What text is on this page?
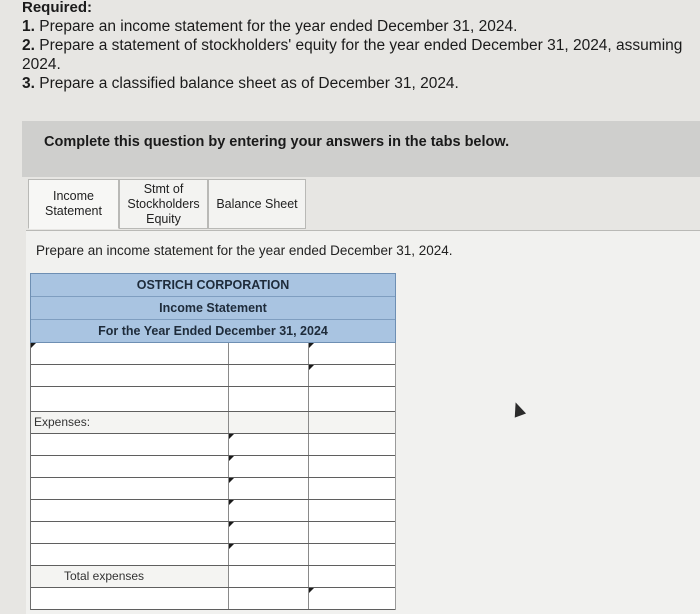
Required:
1. Prepare an income statement for the year ended December 31, 2024.
2. Prepare a statement of stockholders' equity for the year ended December 31, 2024, assuming
2024.
3. Prepare a classified balance sheet as of December 31, 2024.
Complete this question by entering your answers in the tabs below.
Income Statement
Stmt of Stockholders Equity
Balance Sheet
Prepare an income statement for the year ended December 31, 2024.
OSTRICH CORPORATION
Income Statement
For the Year Ended December 31, 2024
Expenses:
Total expenses
